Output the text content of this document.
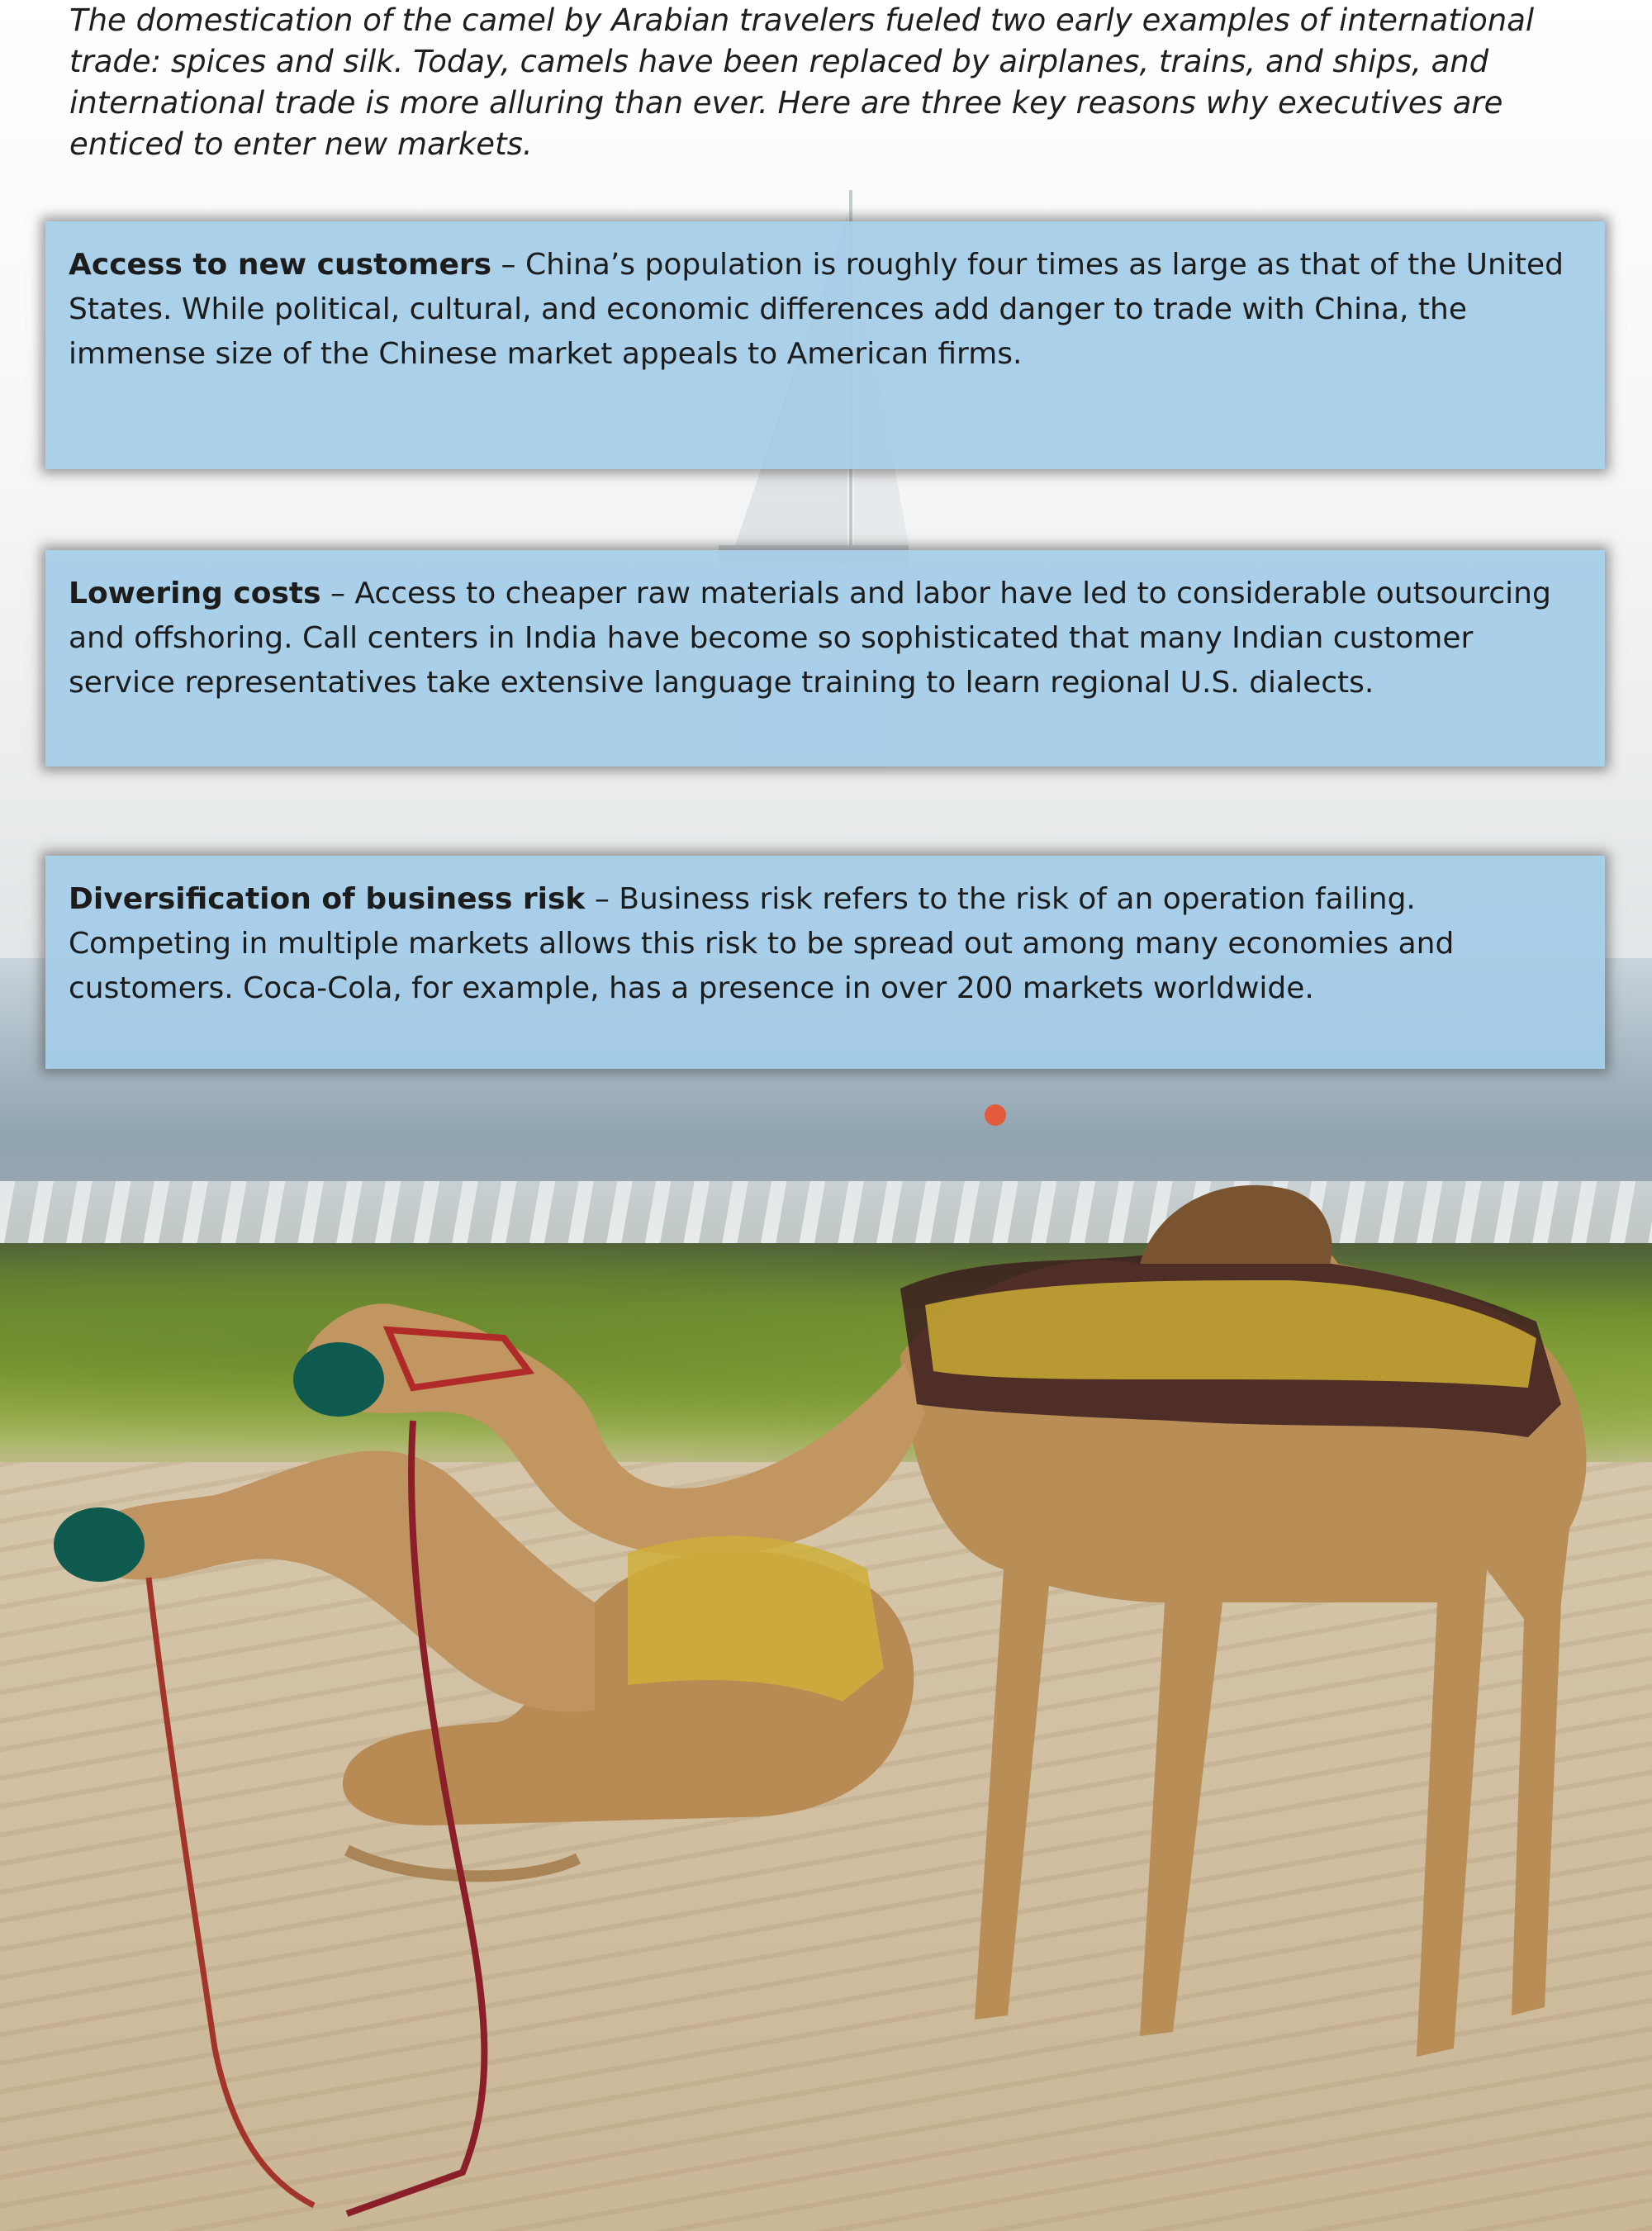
The domestication of the camel by Arabian travelers fueled two early examples of international trade: spices and silk. Today, camels have been replaced by airplanes, trains, and ships, and international trade is more alluring than ever. Here are three key reasons why executives are enticed to enter new markets.

Access to new customers – China’s population is roughly four times as large as that of the United States. While political, cultural, and economic differences add danger to trade with China, the immense size of the Chinese market appeals to American firms.
Lowering costs – Access to cheaper raw materials and labor have led to considerable outsourcing and offshoring. Call centers in India have become so sophisticated that many Indian customer service representatives take extensive language training to learn regional U.S. dialects.
Diversification of business risk – Business risk refers to the risk of an operation failing. Competing in multiple markets allows this risk to be spread out among many economies and customers. Coca-Cola, for example, has a presence in over 200 markets worldwide.
